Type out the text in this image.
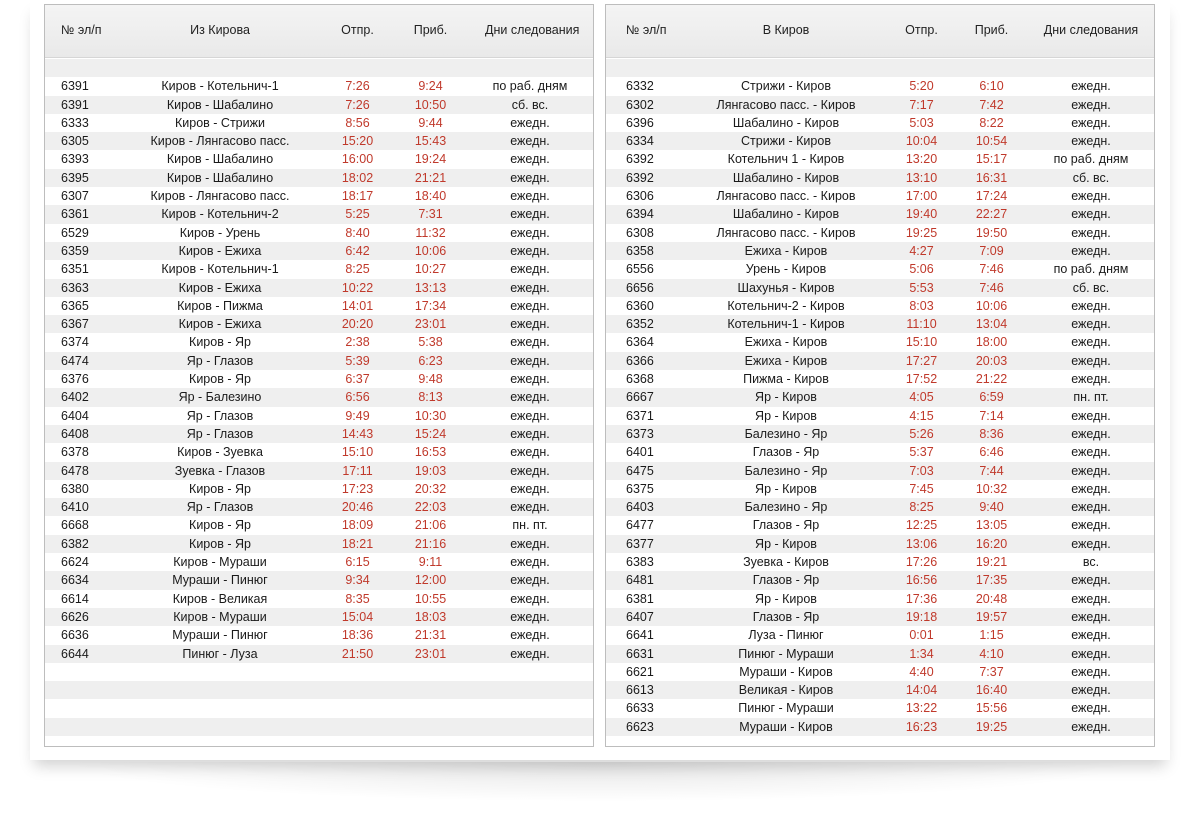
№ эл/п	Из Кирова	Отпр.	Приб.	Дни следования
6391	Киров - Котельнич-1	7:26	9:24	по раб. дням
6391	Киров - Шабалино	7:26	10:50	сб. вс.
6333	Киров - Стрижи	8:56	9:44	ежедн.
6305	Киров - Лянгасово пасс.	15:20	15:43	ежедн.
6393	Киров - Шабалино	16:00	19:24	ежедн.
6395	Киров - Шабалино	18:02	21:21	ежедн.
6307	Киров - Лянгасово пасс.	18:17	18:40	ежедн.
6361	Киров - Котельнич-2	5:25	7:31	ежедн.
6529	Киров - Урень	8:40	11:32	ежедн.
6359	Киров - Ежиха	6:42	10:06	ежедн.
6351	Киров - Котельнич-1	8:25	10:27	ежедн.
6363	Киров - Ежиха	10:22	13:13	ежедн.
6365	Киров - Пижма	14:01	17:34	ежедн.
6367	Киров - Ежиха	20:20	23:01	ежедн.
6374	Киров - Яр	2:38	5:38	ежедн.
6474	Яр - Глазов	5:39	6:23	ежедн.
6376	Киров - Яр	6:37	9:48	ежедн.
6402	Яр - Балезино	6:56	8:13	ежедн.
6404	Яр - Глазов	9:49	10:30	ежедн.
6408	Яр - Глазов	14:43	15:24	ежедн.
6378	Киров - Зуевка	15:10	16:53	ежедн.
6478	Зуевка - Глазов	17:11	19:03	ежедн.
6380	Киров - Яр	17:23	20:32	ежедн.
6410	Яр - Глазов	20:46	22:03	ежедн.
6668	Киров - Яр	18:09	21:06	пн. пт.
6382	Киров - Яр	18:21	21:16	ежедн.
6624	Киров - Мураши	6:15	9:11	ежедн.
6634	Мураши - Пинюг	9:34	12:00	ежедн.
6614	Киров - Великая	8:35	10:55	ежедн.
6626	Киров - Мураши	15:04	18:03	ежедн.
6636	Мураши - Пинюг	18:36	21:31	ежедн.
6644	Пинюг - Луза	21:50	23:01	ежедн.
№ эл/п	В Киров	Отпр.	Приб.	Дни следования
6332	Стрижи - Киров	5:20	6:10	ежедн.
6302	Лянгасово пасс. - Киров	7:17	7:42	ежедн.
6396	Шабалино - Киров	5:03	8:22	ежедн.
6334	Стрижи - Киров	10:04	10:54	ежедн.
6392	Котельнич 1 - Киров	13:20	15:17	по раб. дням
6392	Шабалино - Киров	13:10	16:31	сб. вс.
6306	Лянгасово пасс. - Киров	17:00	17:24	ежедн.
6394	Шабалино - Киров	19:40	22:27	ежедн.
6308	Лянгасово пасс. - Киров	19:25	19:50	ежедн.
6358	Ежиха - Киров	4:27	7:09	ежедн.
6556	Урень - Киров	5:06	7:46	по раб. дням
6656	Шахунья - Киров	5:53	7:46	сб. вс.
6360	Котельнич-2 - Киров	8:03	10:06	ежедн.
6352	Котельнич-1 - Киров	11:10	13:04	ежедн.
6364	Ежиха - Киров	15:10	18:00	ежедн.
6366	Ежиха - Киров	17:27	20:03	ежедн.
6368	Пижма - Киров	17:52	21:22	ежедн.
6667	Яр - Киров	4:05	6:59	пн. пт.
6371	Яр - Киров	4:15	7:14	ежедн.
6373	Балезино - Яр	5:26	8:36	ежедн.
6401	Глазов - Яр	5:37	6:46	ежедн.
6475	Балезино - Яр	7:03	7:44	ежедн.
6375	Яр - Киров	7:45	10:32	ежедн.
6403	Балезино - Яр	8:25	9:40	ежедн.
6477	Глазов - Яр	12:25	13:05	ежедн.
6377	Яр - Киров	13:06	16:20	ежедн.
6383	Зуевка - Киров	17:26	19:21	вс.
6481	Глазов - Яр	16:56	17:35	ежедн.
6381	Яр - Киров	17:36	20:48	ежедн.
6407	Глазов - Яр	19:18	19:57	ежедн.
6641	Луза - Пинюг	0:01	1:15	ежедн.
6631	Пинюг - Мураши	1:34	4:10	ежедн.
6621	Мураши - Киров	4:40	7:37	ежедн.
6613	Великая - Киров	14:04	16:40	ежедн.
6633	Пинюг - Мураши	13:22	15:56	ежедн.
6623	Мураши - Киров	16:23	19:25	ежедн.
